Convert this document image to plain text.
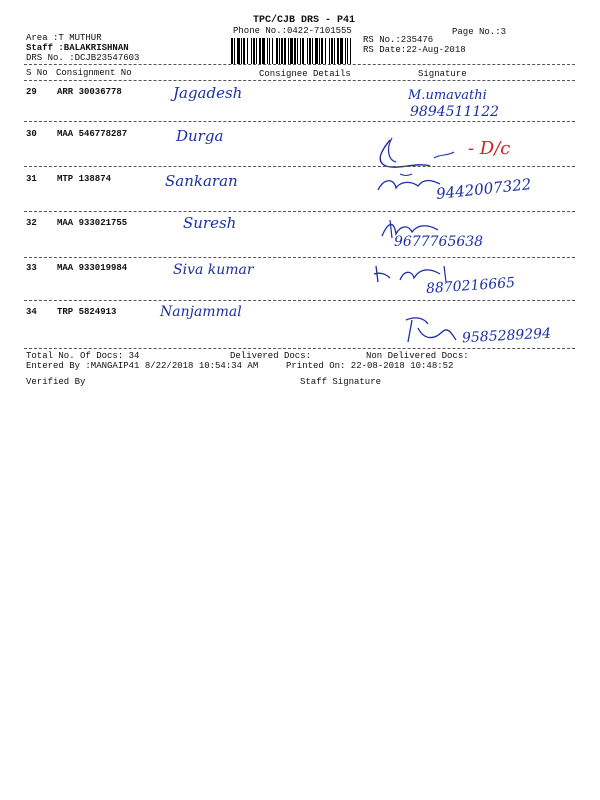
TPC/CJB DRS - P41
Phone No.:0422-7101555	Page No.:3
Area :T MUTHUR
Staff :BALAKRISHNAN
DRS No. :DCJB23547603
RS No.:235476
RS Date:22-Aug-2018
S No Consignment No	Consignee Details	Signature
29 ARR 30036778	Jagadesh	M.umavathi
9894511122
30 MAA 546778287	Durga
- D/c
31 MTP 138874	Sankaran	9442007322
32 MAA 933021755	Suresh
9677765638
33 MAA 933019984	Siva kumar
8870216665
34 TRP 5824913	Nanjammal
9585289294
Total No. Of Docs: 34	Delivered Docs:	Non Delivered Docs:
Entered By :MANGAIP41 8/22/2018 10:54:34 AM	Printed On: 22-08-2018 10:48:52
Verified By	Staff Signature
